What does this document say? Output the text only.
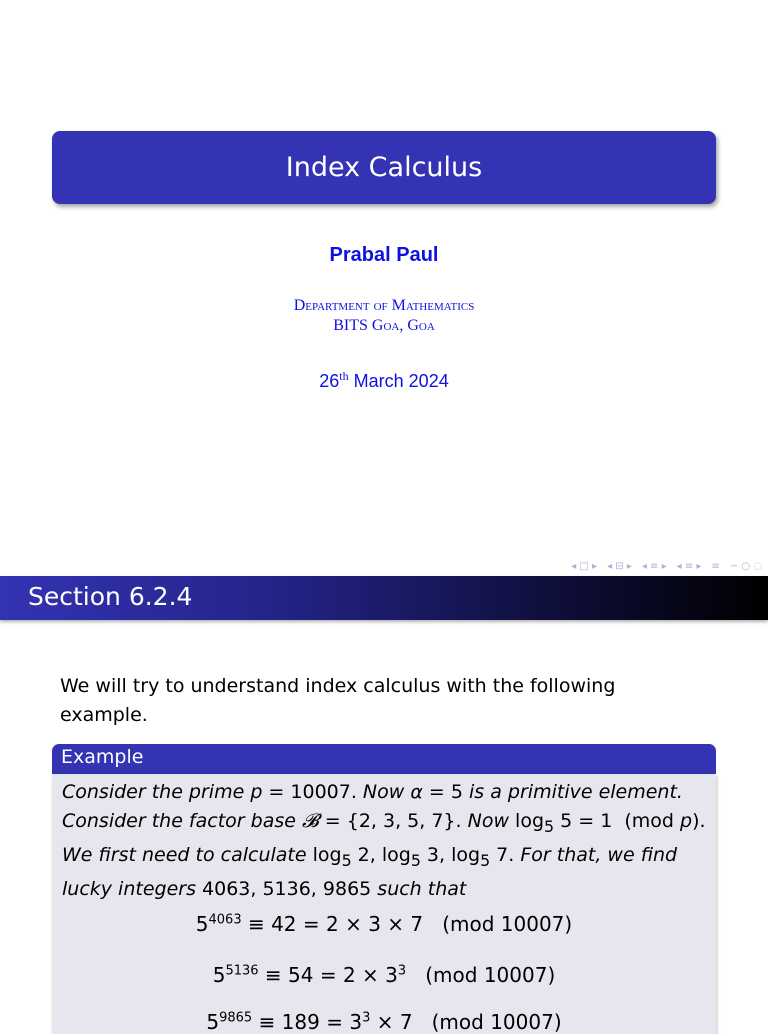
Index Calculus
Prabal Paul
Department of Mathematics
BITS Goa, Goa
26th March 2024
◂ □ ▸ ◂ ⊟ ▸ ◂ ≡ ▸ ◂ ≡ ▸ ≡ ∽ ○ ◌
Section 6.2.4
We will try to understand index calculus with the following example.
Example
Consider the prime p = 10007. Now α = 5 is a primitive element.
Consider the factor base 𝓑 = {2, 3, 5, 7}. Now $\log_5 5 = 1$  (mod p).
We first need to calculate $\log_5 2$, $\log_5 3$, $\log_5 7$. For that, we find
lucky integers 4063, 5136, 9865 such that
$5^{4063} \equiv 42 = 2 \times 3 \times 7$ (mod 10007)
$5^{5136} \equiv 54 = 2 \times 3^3$ (mod 10007)
$5^{9865} \equiv 189 = 3^3 \times 7$ (mod 10007)
